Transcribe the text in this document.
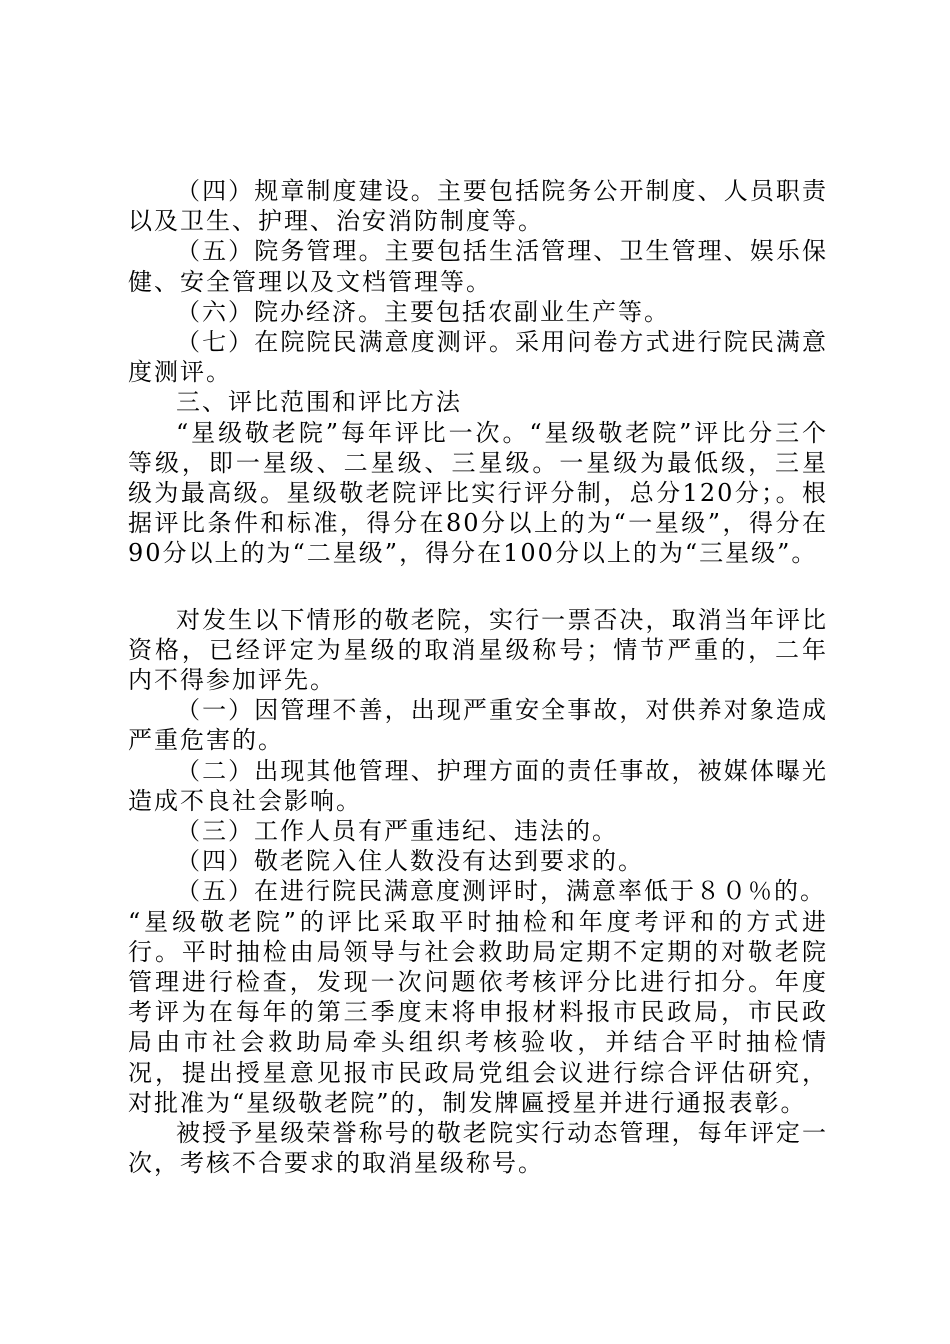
（四）规章制度建设。主要包括院务公开制度、人员职责以及卫生、护理、治安消防制度等。

（五）院务管理。主要包括生活管理、卫生管理、娱乐保健、安全管理以及文档管理等。

（六）院办经济。主要包括农副业生产等。

（七）在院院民满意度测评。采用问卷方式进行院民满意度测评。

三、评比范围和评比方法

“星级敬老院”每年评比一次。“星级敬老院”评比分三个等级，即一星级、二星级、三星级。一星级为最低级，三星级为最高级。星级敬老院评比实行评分制，总分120分；。根据评比条件和标准，得分在80分以上的为“一星级”，得分在90分以上的为“二星级”，得分在100分以上的为“三星级”。

对发生以下情形的敬老院，实行一票否决，取消当年评比资格，已经评定为星级的取消星级称号；情节严重的，二年内不得参加评先。

（一）因管理不善，出现严重安全事故，对供养对象造成严重危害的。

（二）出现其他管理、护理方面的责任事故，被媒体曝光造成不良社会影响。

（三）工作人员有严重违纪、违法的。

（四）敬老院入住人数没有达到要求的。

（五）在进行院民满意度测评时，满意率低于８０％的。

“星级敬老院”的评比采取平时抽检和年度考评和的方式进行。平时抽检由局领导与社会救助局定期不定期的对敬老院管理进行检查，发现一次问题依考核评分比进行扣分。年度考评为在每年的第三季度末将申报材料报市民政局，市民政局由市社会救助局牵头组织考核验收，并结合平时抽检情况，提出授星意见报市民政局党组会议进行综合评估研究，对批准为“星级敬老院”的，制发牌匾授星并进行通报表彰。

被授予星级荣誉称号的敬老院实行动态管理，每年评定一次，考核不合要求的取消星级称号。
